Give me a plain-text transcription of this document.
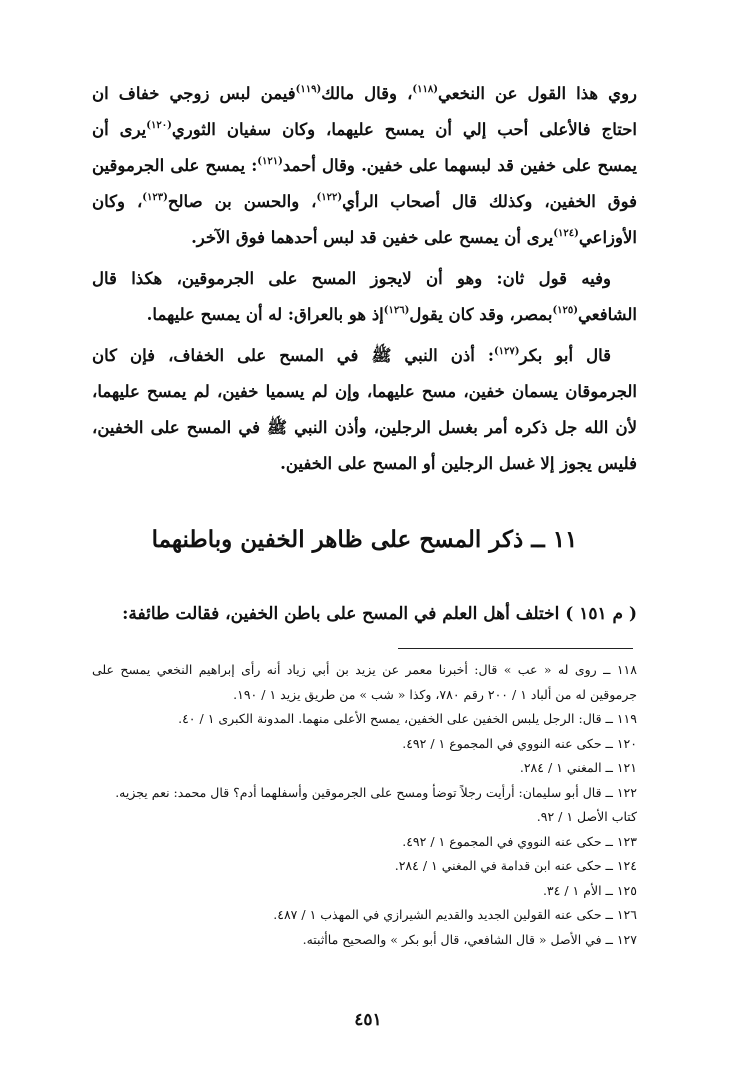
روي هذا القول عن النخعي$^{(١١٨)}$، وقال مالك$^{(١١٩)}$فيمن لبس زوجي خفاف ان
احتاج فالأعلى أحب إلي أن يمسح عليهما، وكان سفيان الثوري$^{(١٢٠)}$يرى أن
يمسح على خفين قد لبسهما على خفين. وقال أحمد$^{(١٢١)}$: يمسح على الجرموقين
فوق الخفين، وكذلك قال أصحاب الرأي$^{(١٢٢)}$، والحسن بن صالح$^{(١٢٣)}$، وكان
الأوزاعي$^{(١٢٤)}$يرى أن يمسح على خفين قد لبس أحدهما فوق الآخر.
وفيه قول ثان: وهو أن لايجوز المسح على الجرموقين، هكذا قال
الشافعي$^{(١٢٥)}$بمصر، وقد كان يقول$^{(١٢٦)}$إذ هو بالعراق: له أن يمسح عليهما.
قال أبو بكر$^{(١٢٧)}$: أذن النبي ﷺ في المسح على الخفاف، فإن كان
الجرموقان يسمان خفين، مسح عليهما، وإن لم يسميا خفين، لم يمسح عليهما،
لأن الله جل ذكره أمر بغسل الرجلين، وأذن النبي ﷺ في المسح على الخفين،
فليس يجوز إلا غسل الرجلين أو المسح على الخفين.
١١ ــ ذكر المسح على ظاهر الخفين وباطنهما
( م ١٥١ ) اختلف أهل العلم في المسح على باطن الخفين، فقالت طائفة:
١١٨ ــ روى له « عب » قال: أخبرنا معمر عن يزيد بن أبي زياد أنه رأى إبراهيم النخعي يمسح على
جرموقين له من ألباد ١ / ٢٠٠ رقم ٧٨٠، وكذا « شب » من طريق يزيد ١ / ١٩٠.
١١٩ ــ قال: الرجل يلبس الخفين على الخفين، يمسح الأعلى منهما. المدونة الكبرى ١ / ٤٠.
١٢٠ ــ حكى عنه النووي في المجموع ١ / ٤٩٢.
١٢١ ــ المغني ١ / ٢٨٤.
١٢٢ ــ قال أبو سليمان: أرأيت رجلاً توضأ ومسح على الجرموقين وأسفلهما أدم؟ قال محمد: نعم يجزيه.
كتاب الأصل ١ / ٩٢.
١٢٣ ــ حكى عنه النووي في المجموع ١ / ٤٩٢.
١٢٤ ــ حكى عنه ابن قدامة في المغني ١ / ٢٨٤.
١٢٥ ــ الأم ١ / ٣٤.
١٢٦ ــ حكى عنه القولين الجديد والقديم الشيرازي في المهذب ١ / ٤٨٧.
١٢٧ ــ في الأصل « قال الشافعي، قال أبو بكر » والصحيح ماأثبته.
٤٥١
